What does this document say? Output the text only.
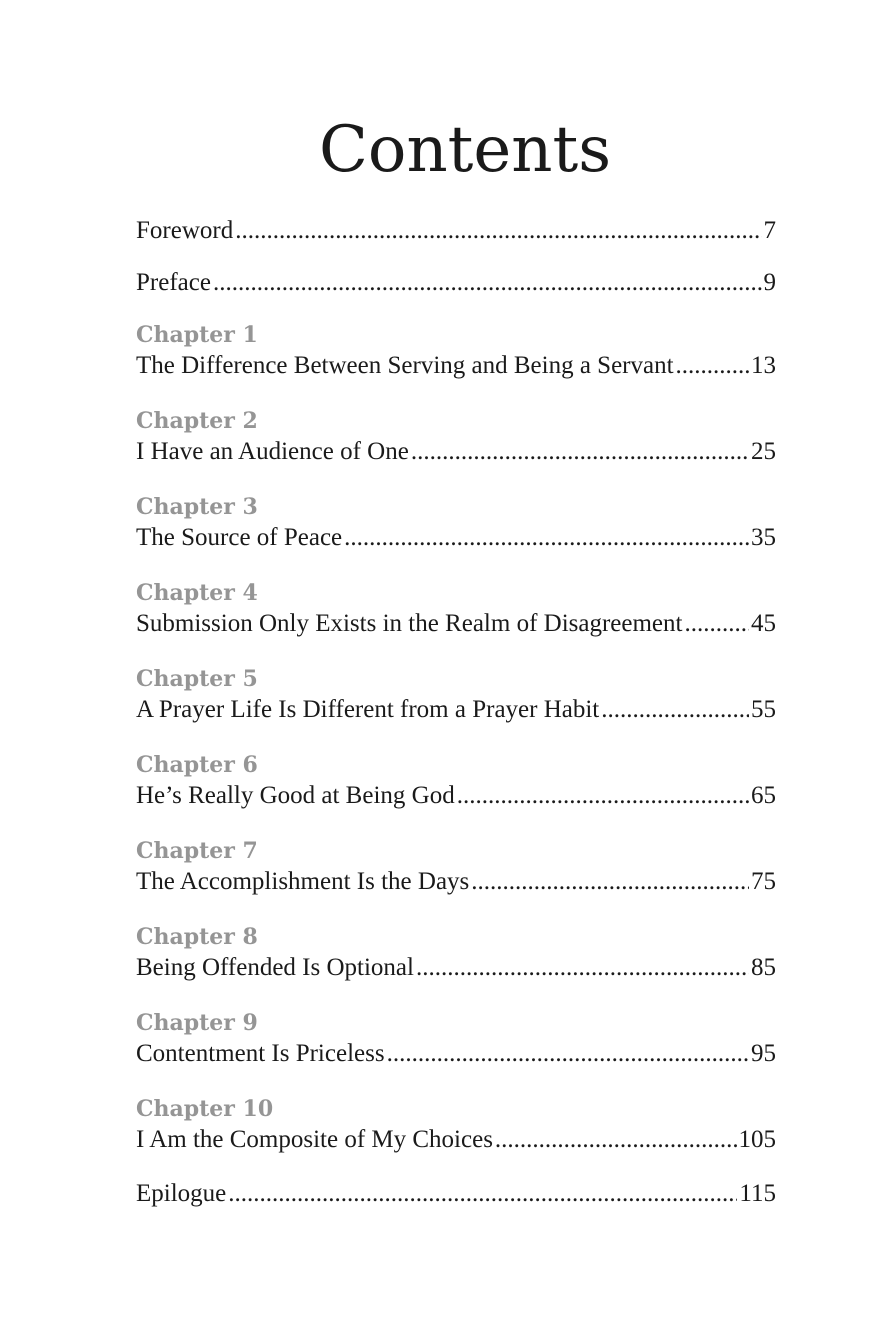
Contents
Foreword .....	7
Preface .....	9
Chapter 1
The Difference Between Serving and Being a Servant .....	13
Chapter 2
I Have an Audience of One .....	25
Chapter 3
The Source of Peace .....	35
Chapter 4
Submission Only Exists in the Realm of Disagreement .....	45
Chapter 5
A Prayer Life Is Different from a Prayer Habit .....	55
Chapter 6
He’s Really Good at Being God .....	65
Chapter 7
The Accomplishment Is the Days .....	75
Chapter 8
Being Offended Is Optional .....	85
Chapter 9
Contentment Is Priceless .....	95
Chapter 10
I Am the Composite of My Choices .....	105
Epilogue .....	115
